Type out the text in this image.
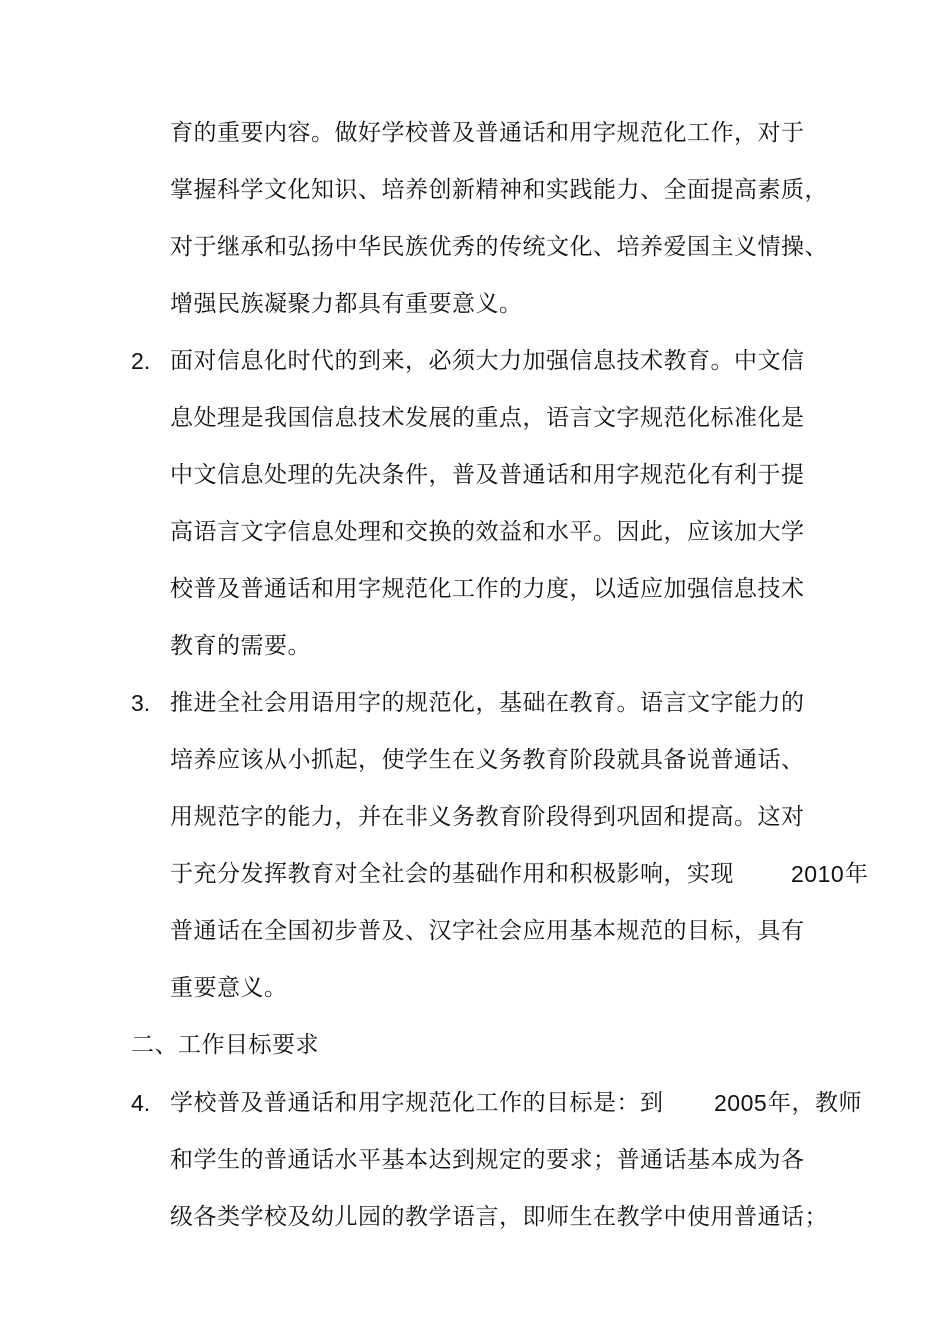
育的重要内容。做好学校普及普通话和用字规范化工作，对于
掌握科学文化知识、培养创新精神和实践能力、全面提高素质，
对于继承和弘扬中华民族优秀的传统文化、培养爱国主义情操、
增强民族凝聚力都具有重要意义。
2. 面对信息化时代的到来，必须大力加强信息技术教育。中文信
息处理是我国信息技术发展的重点，语言文字规范化标准化是
中文信息处理的先决条件，普及普通话和用字规范化有利于提
高语言文字信息处理和交换的效益和水平。因此，应该加大学
校普及普通话和用字规范化工作的力度，以适应加强信息技术
教育的需要。
3. 推进全社会用语用字的规范化，基础在教育。语言文字能力的
培养应该从小抓起，使学生在义务教育阶段就具备说普通话、
用规范字的能力，并在非义务教育阶段得到巩固和提高。这对
于充分发挥教育对全社会的基础作用和积极影响，实现 2010 年
普通话在全国初步普及、汉字社会应用基本规范的目标，具有
重要意义。
二、工作目标要求
4. 学校普及普通话和用字规范化工作的目标是：到 2005 年，教师
和学生的普通话水平基本达到规定的要求；普通话基本成为各
级各类学校及幼儿园的教学语言，即师生在教学中使用普通话；
